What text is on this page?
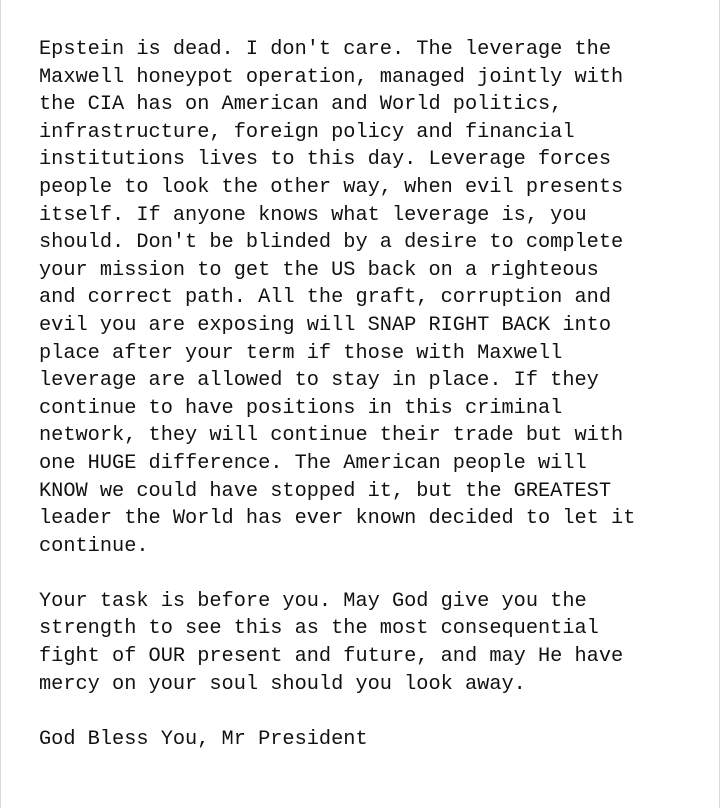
Epstein is dead. I don't care. The leverage the
Maxwell honeypot operation, managed jointly with
the CIA has on American and World politics,
infrastructure, foreign policy and financial
institutions lives to this day. Leverage forces
people to look the other way, when evil presents
itself. If anyone knows what leverage is, you
should. Don't be blinded by a desire to complete
your mission to get the US back on a righteous
and correct path. All the graft, corruption and
evil you are exposing will SNAP RIGHT BACK into
place after your term if those with Maxwell
leverage are allowed to stay in place. If they
continue to have positions in this criminal
network, they will continue their trade but with
one HUGE difference. The American people will
KNOW we could have stopped it, but the GREATEST
leader the World has ever known decided to let it
continue.
Your task is before you. May God give you the
strength to see this as the most consequential
fight of OUR present and future, and may He have
mercy on your soul should you look away.
God Bless You, Mr President
